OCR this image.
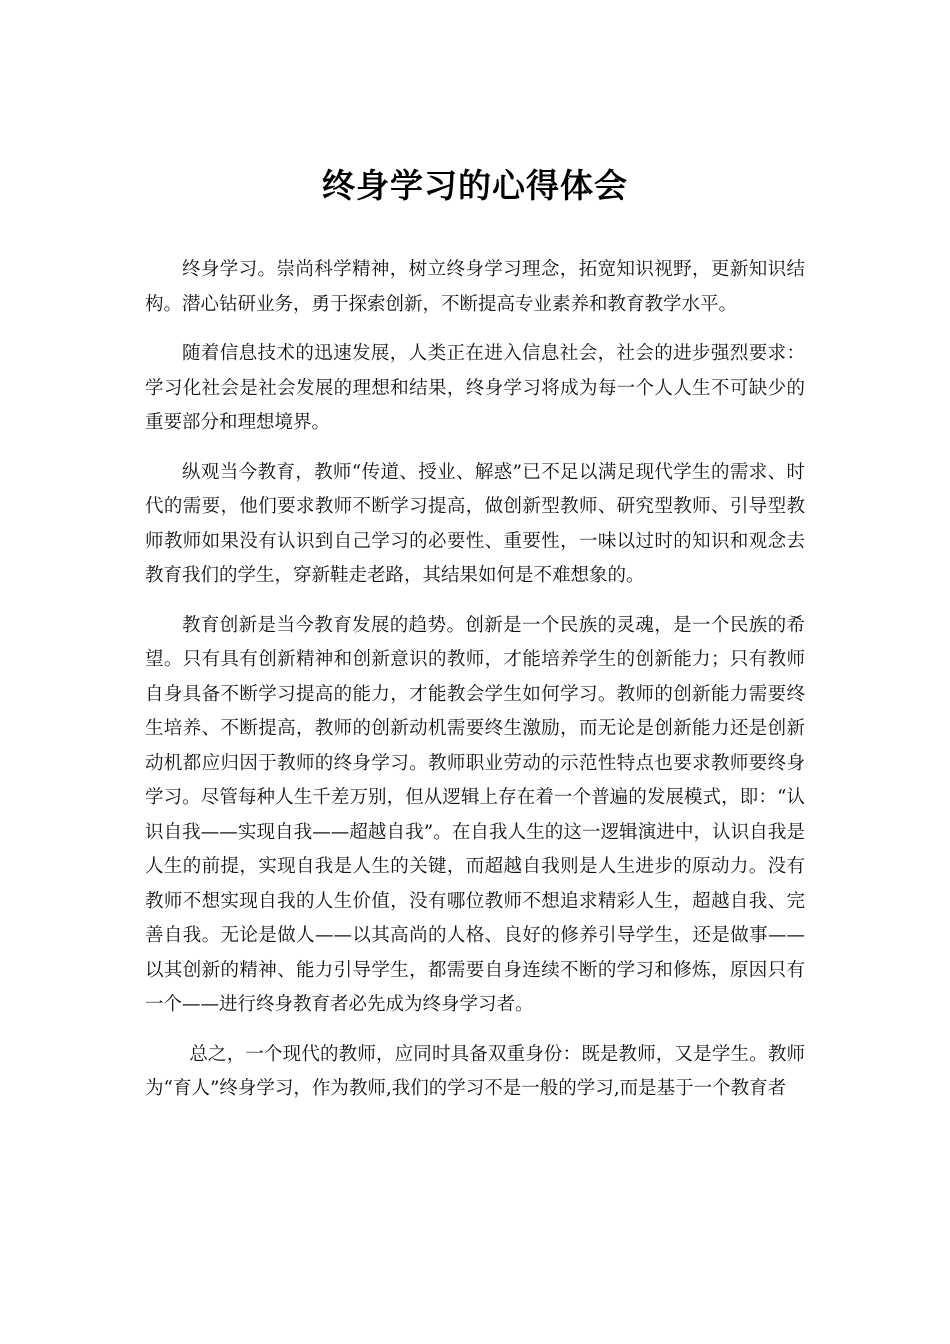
终身学习的心得体会

终身学习。崇尚科学精神，树立终身学习理念，拓宽知识视野，更新知识结构。潜心钻研业务，勇于探索创新，不断提高专业素养和教育教学水平。

随着信息技术的迅速发展，人类正在进入信息社会，社会的进步强烈要求：学习化社会是社会发展的理想和结果，终身学习将成为每一个人人生不可缺少的重要部分和理想境界。

纵观当今教育，教师“传道、授业、解惑”已不足以满足现代学生的需求、时代的需要，他们要求教师不断学习提高，做创新型教师、研究型教师、引导型教师教师如果没有认识到自己学习的必要性、重要性，一味以过时的知识和观念去教育我们的学生，穿新鞋走老路，其结果如何是不难想象的。

教育创新是当今教育发展的趋势。创新是一个民族的灵魂，是一个民族的希望。只有具有创新精神和创新意识的教师，才能培养学生的创新能力；只有教师自身具备不断学习提高的能力，才能教会学生如何学习。教师的创新能力需要终生培养、不断提高，教师的创新动机需要终生激励，而无论是创新能力还是创新动机都应归因于教师的终身学习。教师职业劳动的示范性特点也要求教师要终身学习。尽管每种人生千差万别，但从逻辑上存在着一个普遍的发展模式，即：“认识自我——实现自我——超越自我”。在自我人生的这一逻辑演进中，认识自我是人生的前提，实现自我是人生的关键，而超越自我则是人生进步的原动力。没有教师不想实现自我的人生价值，没有哪位教师不想追求精彩人生，超越自我、完善自我。无论是做人——以其高尚的人格、良好的修养引导学生，还是做事——以其创新的精神、能力引导学生，都需要自身连续不断的学习和修炼，原因只有一个——进行终身教育者必先成为终身学习者。

总之，一个现代的教师，应同时具备双重身份：既是教师，又是学生。教师为“育人”终身学习，作为教师,我们的学习不是一般的学习,而是基于一个教育者
